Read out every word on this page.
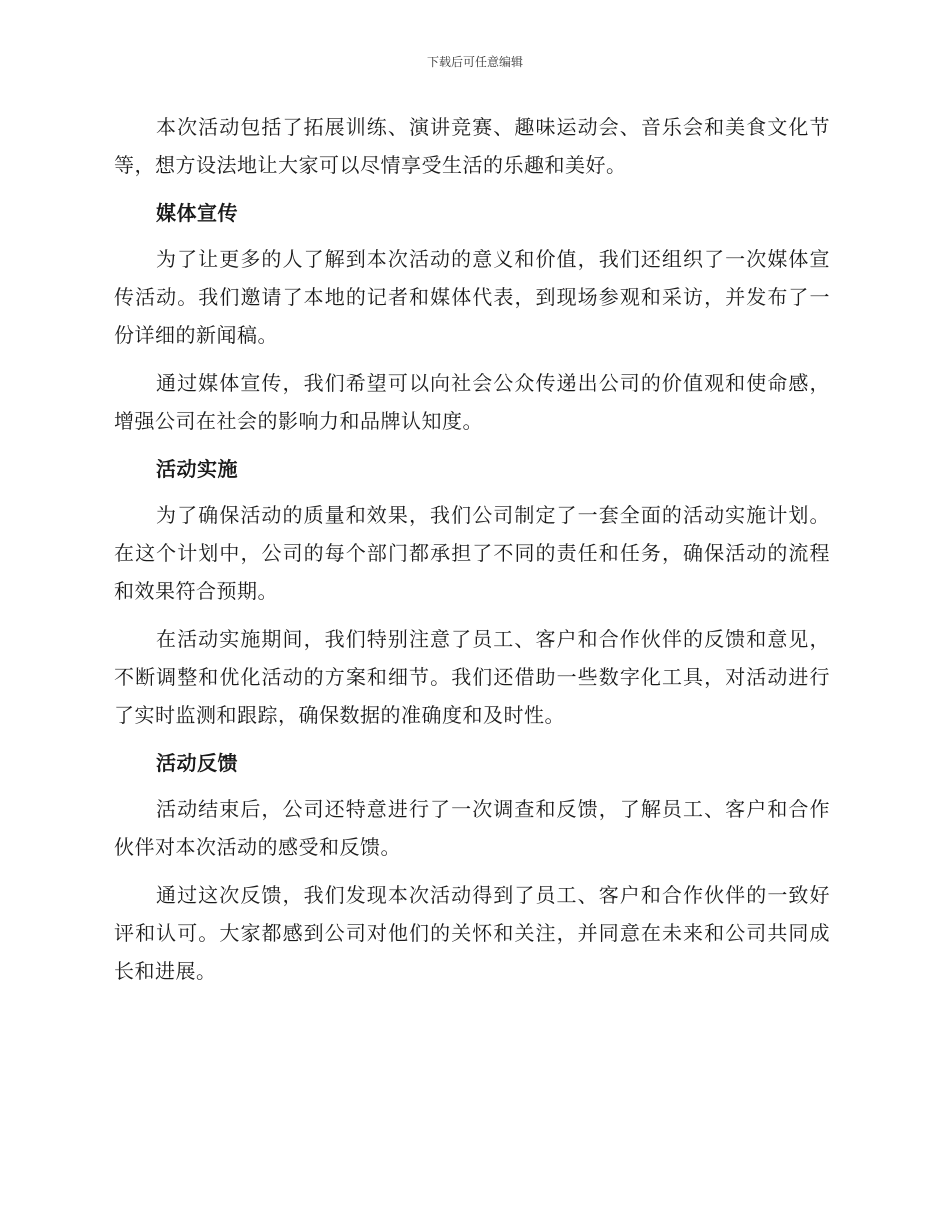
下载后可任意编辑

本次活动包括了拓展训练、演讲竞赛、趣味运动会、音乐会和美食文化节等，想方设法地让大家可以尽情享受生活的乐趣和美好。

媒体宣传

为了让更多的人了解到本次活动的意义和价值，我们还组织了一次媒体宣传活动。我们邀请了本地的记者和媒体代表，到现场参观和采访，并发布了一份详细的新闻稿。

通过媒体宣传，我们希望可以向社会公众传递出公司的价值观和使命感，增强公司在社会的影响力和品牌认知度。

活动实施

为了确保活动的质量和效果，我们公司制定了一套全面的活动实施计划。在这个计划中，公司的每个部门都承担了不同的责任和任务，确保活动的流程和效果符合预期。

在活动实施期间，我们特别注意了员工、客户和合作伙伴的反馈和意见，不断调整和优化活动的方案和细节。我们还借助一些数字化工具，对活动进行了实时监测和跟踪，确保数据的准确度和及时性。

活动反馈

活动结束后，公司还特意进行了一次调查和反馈，了解员工、客户和合作伙伴对本次活动的感受和反馈。

通过这次反馈，我们发现本次活动得到了员工、客户和合作伙伴的一致好评和认可。大家都感到公司对他们的关怀和关注，并同意在未来和公司共同成长和进展。
